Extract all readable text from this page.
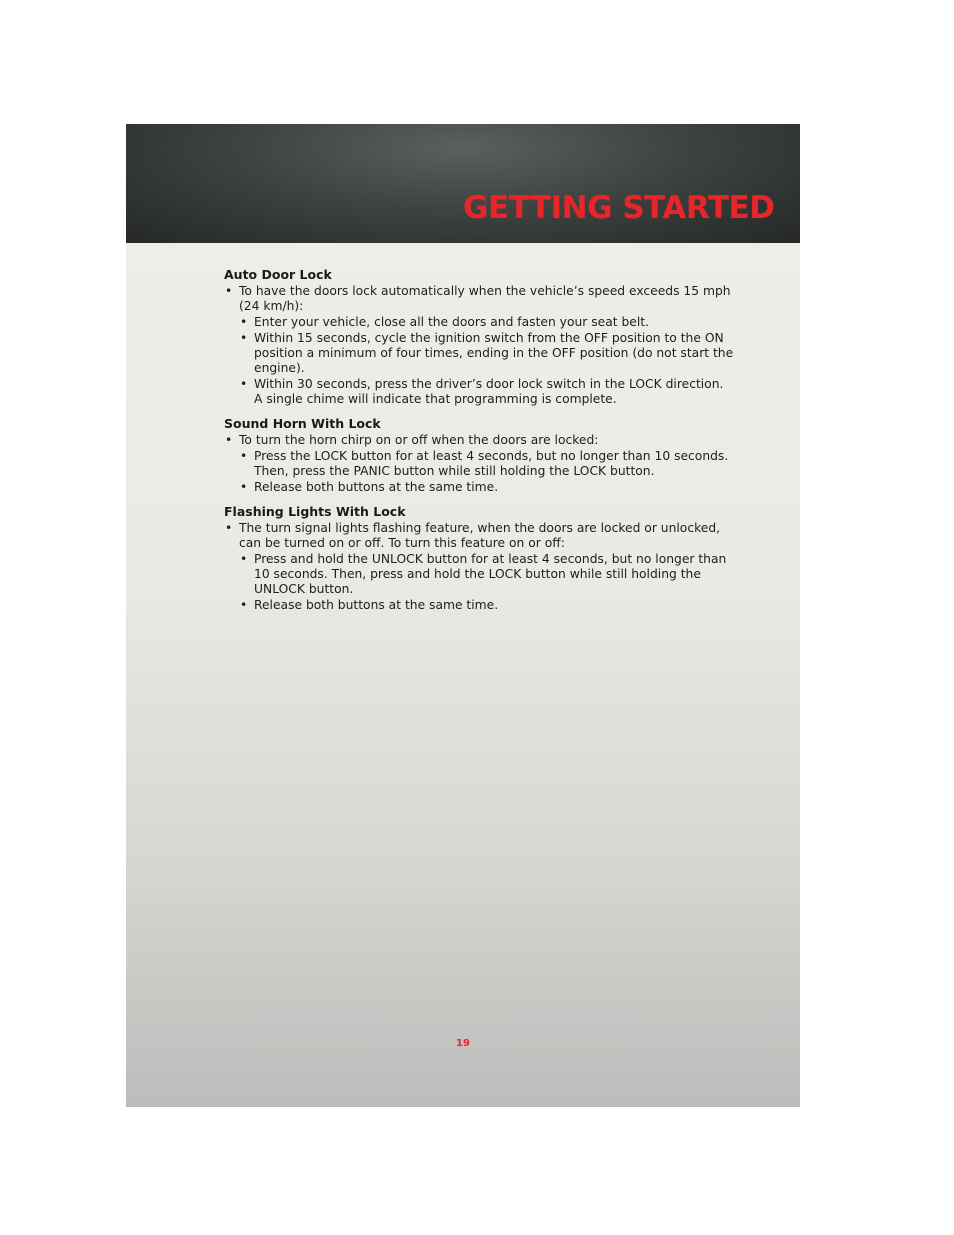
GETTING STARTED
Auto Door Lock
• To have the doors lock automatically when the vehicle’s speed exceeds 15 mph (24 km/h):
• Enter your vehicle, close all the doors and fasten your seat belt.
• Within 15 seconds, cycle the ignition switch from the OFF position to the ON position a minimum of four times, ending in the OFF position (do not start the engine).
• Within 30 seconds, press the driver’s door lock switch in the LOCK direction. A single chime will indicate that programming is complete.
Sound Horn With Lock
• To turn the horn chirp on or off when the doors are locked:
• Press the LOCK button for at least 4 seconds, but no longer than 10 seconds. Then, press the PANIC button while still holding the LOCK button.
• Release both buttons at the same time.
Flashing Lights With Lock
• The turn signal lights flashing feature, when the doors are locked or unlocked, can be turned on or off. To turn this feature on or off:
• Press and hold the UNLOCK button for at least 4 seconds, but no longer than 10 seconds. Then, press and hold the LOCK button while still holding the UNLOCK button.
• Release both buttons at the same time.
19
